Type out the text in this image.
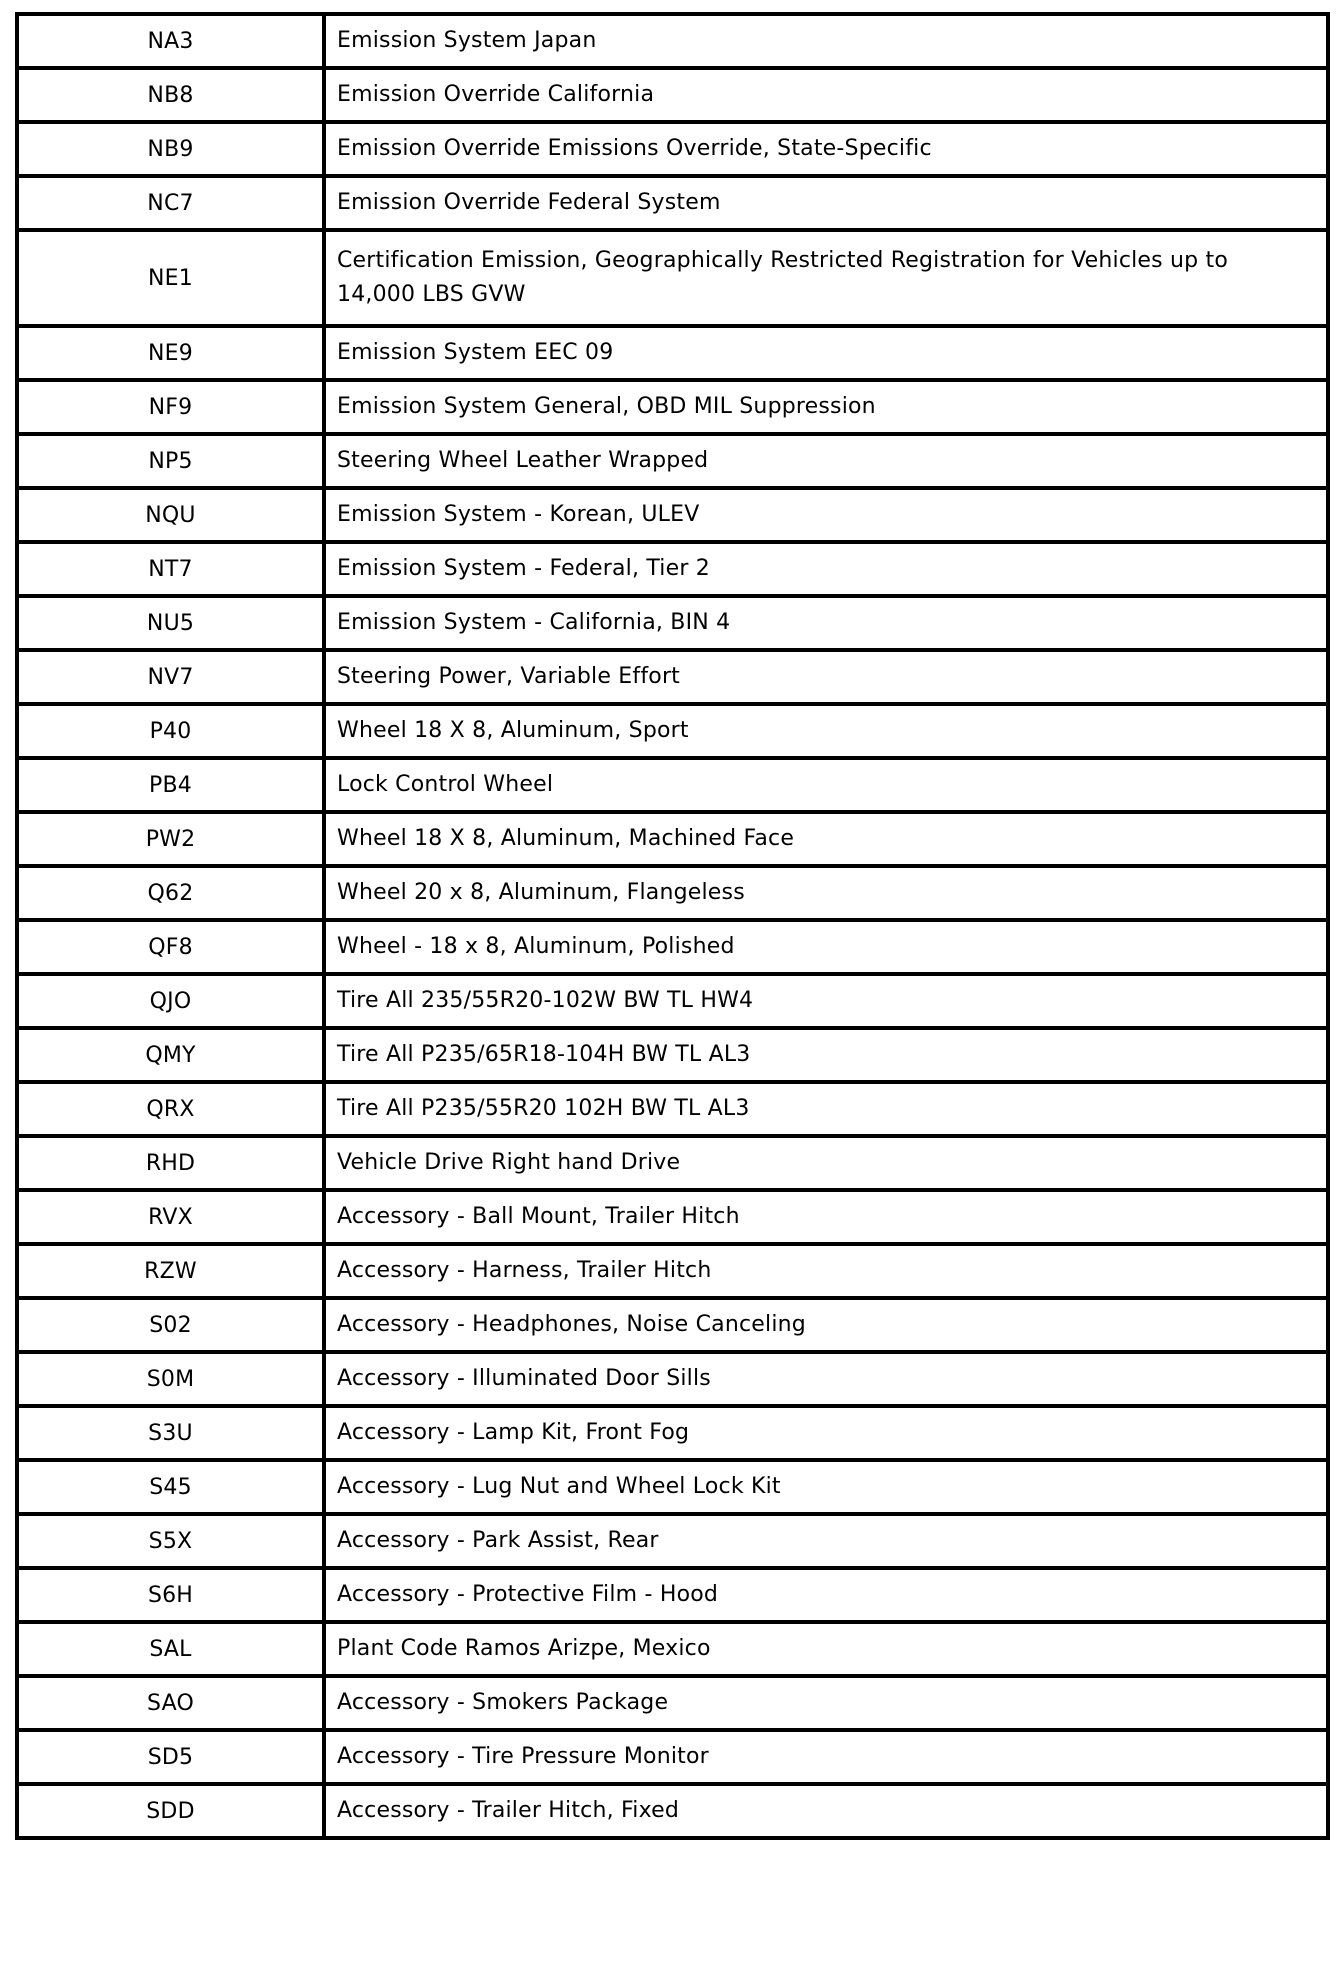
NA3	Emission System Japan
NB8	Emission Override California
NB9	Emission Override Emissions Override, State-Specific
NC7	Emission Override Federal System
NE1	Certification Emission, Geographically Restricted Registration for Vehicles up to 14,000 LBS GVW
NE9	Emission System EEC 09
NF9	Emission System General, OBD MIL Suppression
NP5	Steering Wheel Leather Wrapped
NQU	Emission System - Korean, ULEV
NT7	Emission System - Federal, Tier 2
NU5	Emission System - California, BIN 4
NV7	Steering Power, Variable Effort
P40	Wheel 18 X 8, Aluminum, Sport
PB4	Lock Control Wheel
PW2	Wheel 18 X 8, Aluminum, Machined Face
Q62	Wheel 20 x 8, Aluminum, Flangeless
QF8	Wheel - 18 x 8, Aluminum, Polished
QJO	Tire All 235/55R20-102W BW TL HW4
QMY	Tire All P235/65R18-104H BW TL AL3
QRX	Tire All P235/55R20 102H BW TL AL3
RHD	Vehicle Drive Right hand Drive
RVX	Accessory - Ball Mount, Trailer Hitch
RZW	Accessory - Harness, Trailer Hitch
S02	Accessory - Headphones, Noise Canceling
S0M	Accessory - Illuminated Door Sills
S3U	Accessory - Lamp Kit, Front Fog
S45	Accessory - Lug Nut and Wheel Lock Kit
S5X	Accessory - Park Assist, Rear
S6H	Accessory - Protective Film - Hood
SAL	Plant Code Ramos Arizpe, Mexico
SAO	Accessory - Smokers Package
SD5	Accessory - Tire Pressure Monitor
SDD	Accessory - Trailer Hitch, Fixed
